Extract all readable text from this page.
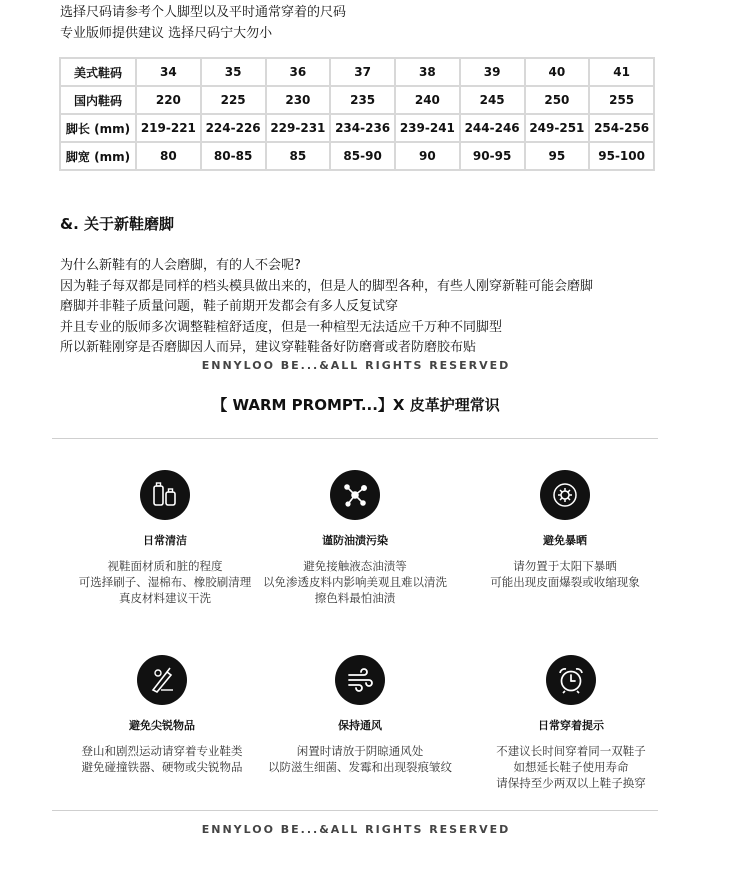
选择尺码请参考个人脚型以及平时通常穿着的尺码
专业版师提供建议 选择尺码宁大勿小
美式鞋码	34	35	36	37	38	39	40	41
国内鞋码	220	225	230	235	240	245	250	255
脚长 (mm)	219-221	224-226	229-231	234-236	239-241	244-246	249-251	254-256
脚宽 (mm)	80	80-85	85	85-90	90	90-95	95	95-100
&. 关于新鞋磨脚
为什么新鞋有的人会磨脚，有的人不会呢?
因为鞋子每双都是同样的档头模具做出来的，但是人的脚型各种，有些人刚穿新鞋可能会磨脚
磨脚并非鞋子质量问题，鞋子前期开发都会有多人反复试穿
并且专业的版师多次调整鞋楦舒适度，但是一种楦型无法适应千万种不同脚型
所以新鞋刚穿是否磨脚因人而异，建议穿鞋鞋备好防磨膏或者防磨胶布贴
ENNYLOO BE...&ALL RIGHTS RESERVED
【 WARM PROMPT...】X 皮革护理常识
日常清洁
视鞋面材质和脏的程度
可选择刷子、湿棉布、橡胶刷清理
真皮材料建议干洗
谨防油渍污染
避免接触液态油渍等
以免渗透皮料内影响美观且难以清洗
擦色料最怕油渍
避免暴晒
请勿置于太阳下暴晒
可能出现皮面爆裂或收缩现象
避免尖锐物品
登山和剧烈运动请穿着专业鞋类
避免碰撞铁器、硬物或尖锐物品
保持通风
闲置时请放于阴晾通风处
以防滋生细菌、发霉和出现裂痕皱纹
日常穿着提示
不建议长时间穿着同一双鞋子
如想延长鞋子使用寿命
请保持至少两双以上鞋子换穿
ENNYLOO BE...&ALL RIGHTS RESERVED
